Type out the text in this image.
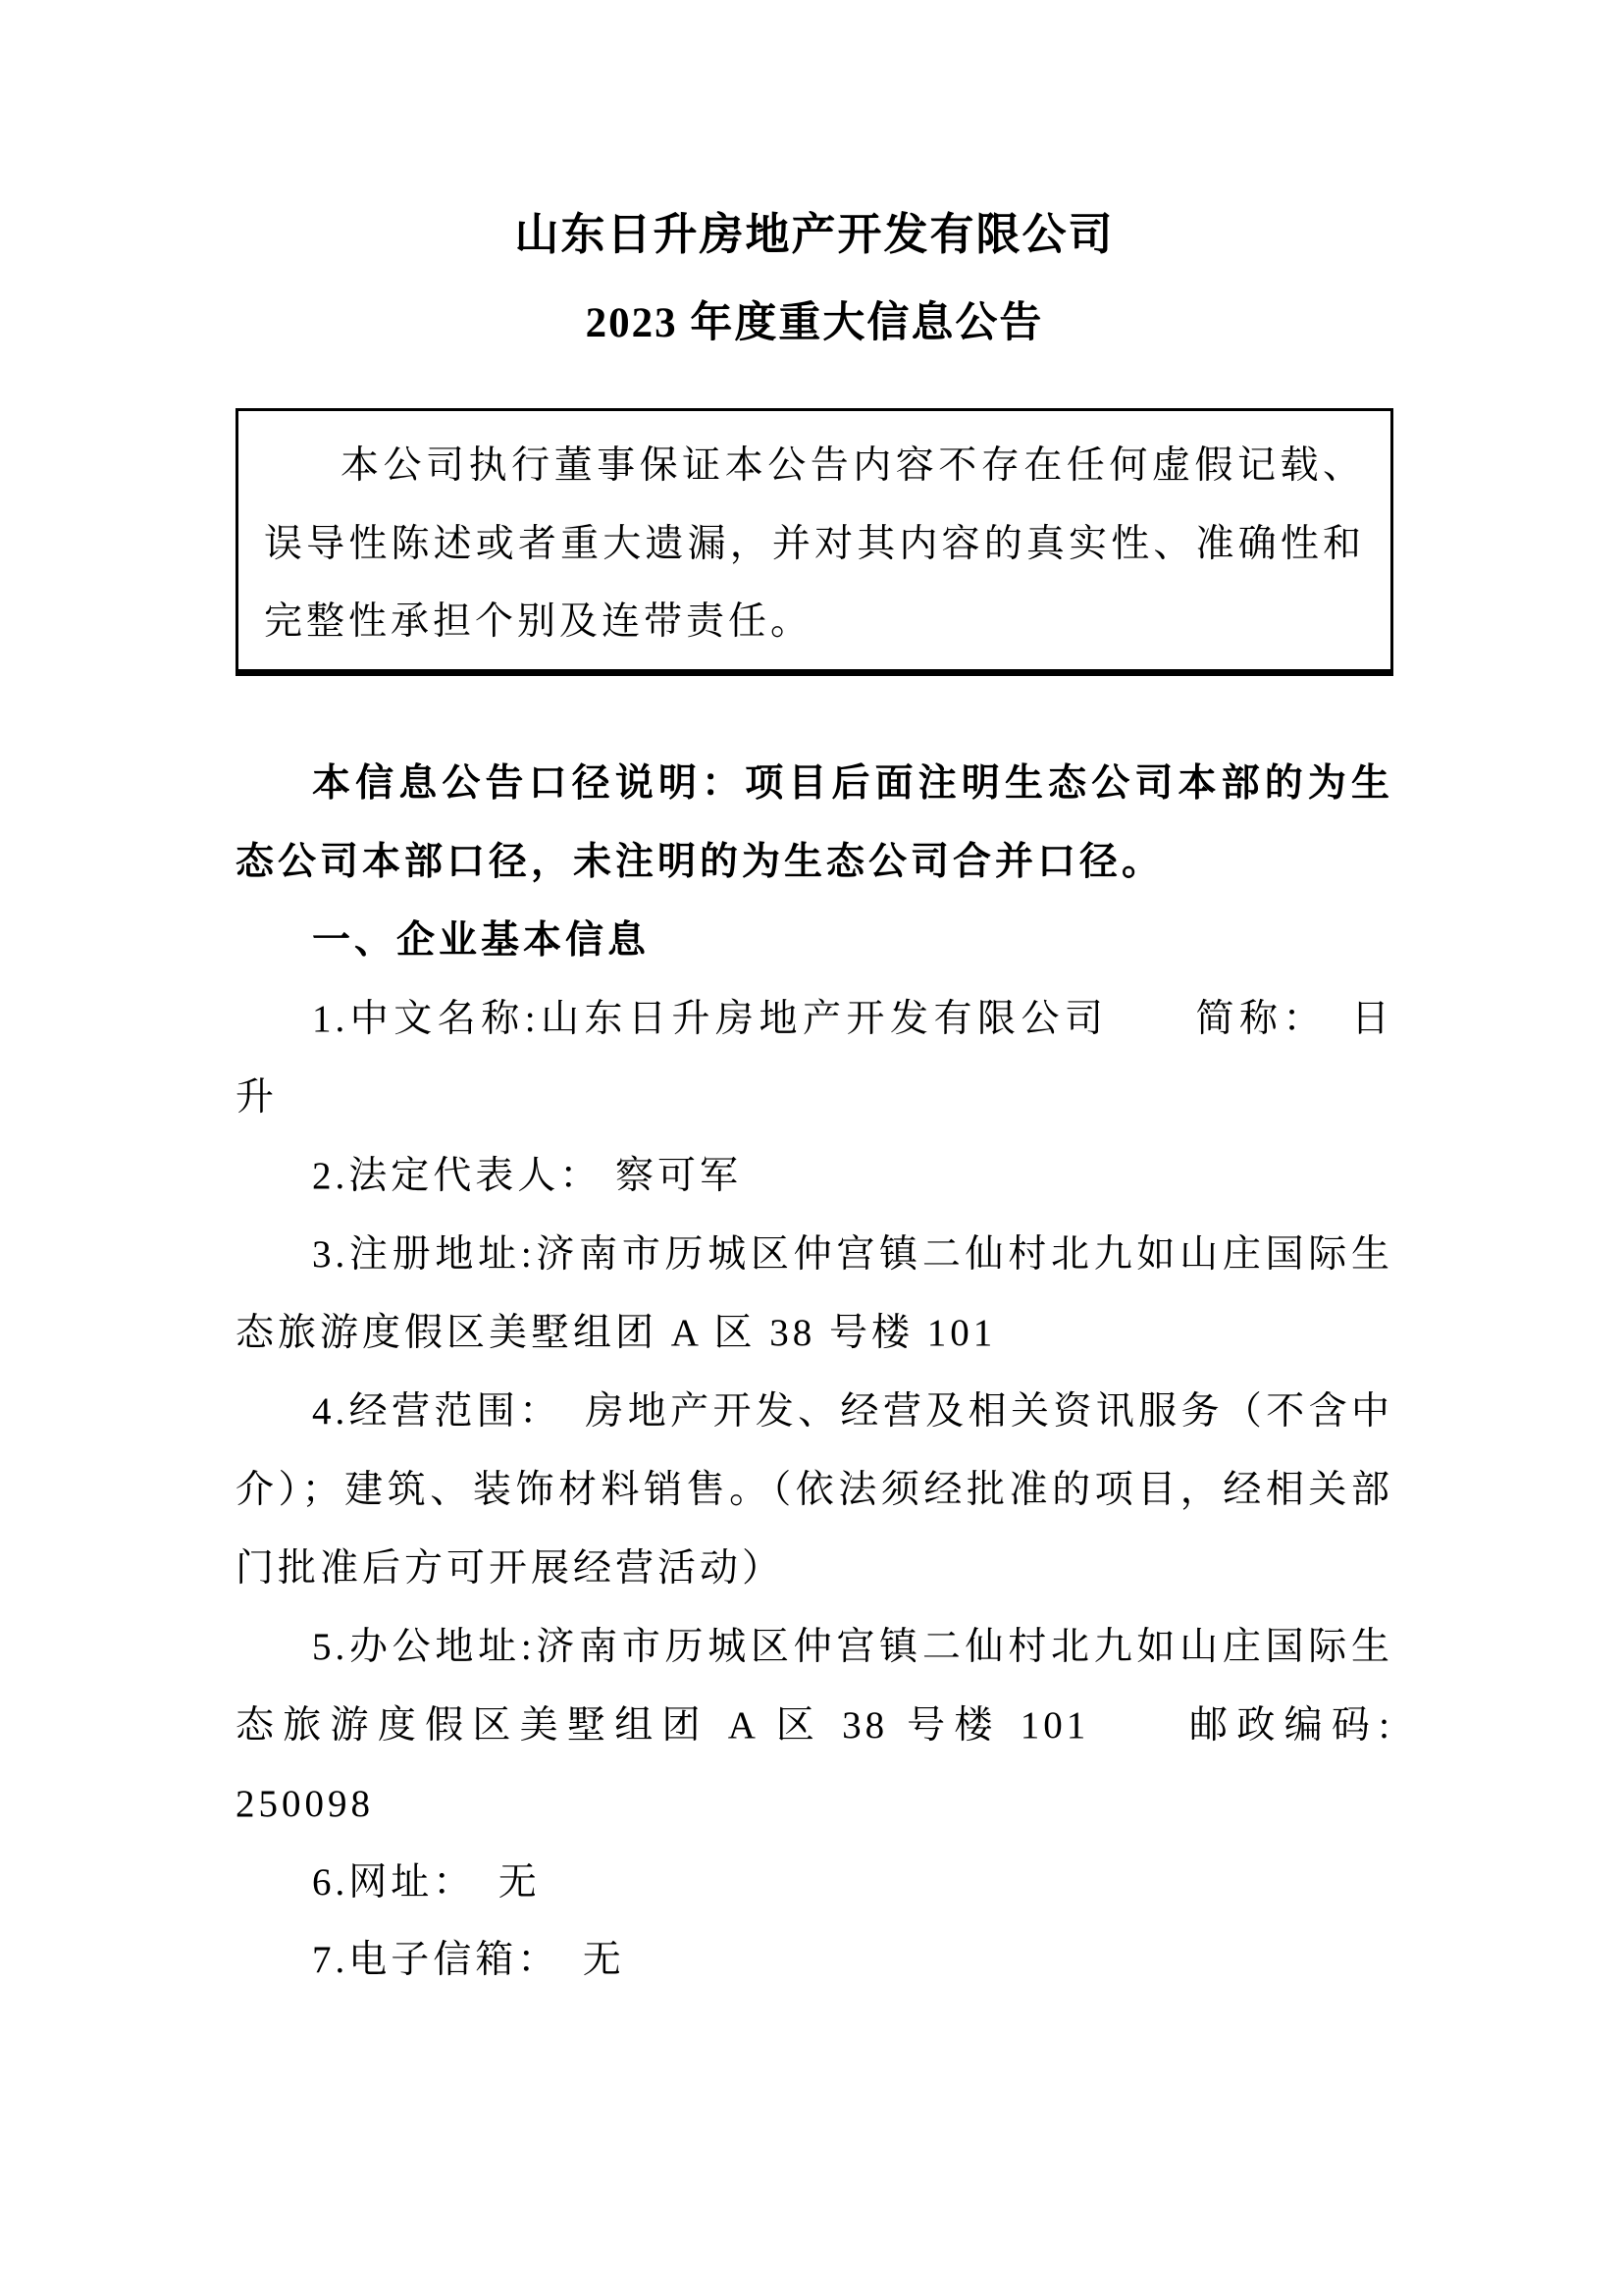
山东日升房地产开发有限公司
2023 年度重大信息公告

本公司执行董事保证本公告内容不存在任何虚假记载、误导性陈述或者重大遗漏，并对其内容的真实性、准确性和完整性承担个别及连带责任。

本信息公告口径说明：项目后面注明生态公司本部的为生态公司本部口径，未注明的为生态公司合并口径。

一、企业基本信息

1.中文名称:山东日升房地产开发有限公司　　简称：　日升

2.法定代表人： 察可军

3.注册地址:济南市历城区仲宫镇二仙村北九如山庄国际生态旅游度假区美墅组团 A 区 38 号楼 101

4.经营范围：　房地产开发、经营及相关资讯服务（不含中介）；建筑、装饰材料销售。（依法须经批准的项目，经相关部门批准后方可开展经营活动）

5.办公地址:济南市历城区仲宫镇二仙村北九如山庄国际生态旅游度假区美墅组团 A 区 38 号楼 101　　邮政编码: 250098

6.网址：　无

7.电子信箱：　无
